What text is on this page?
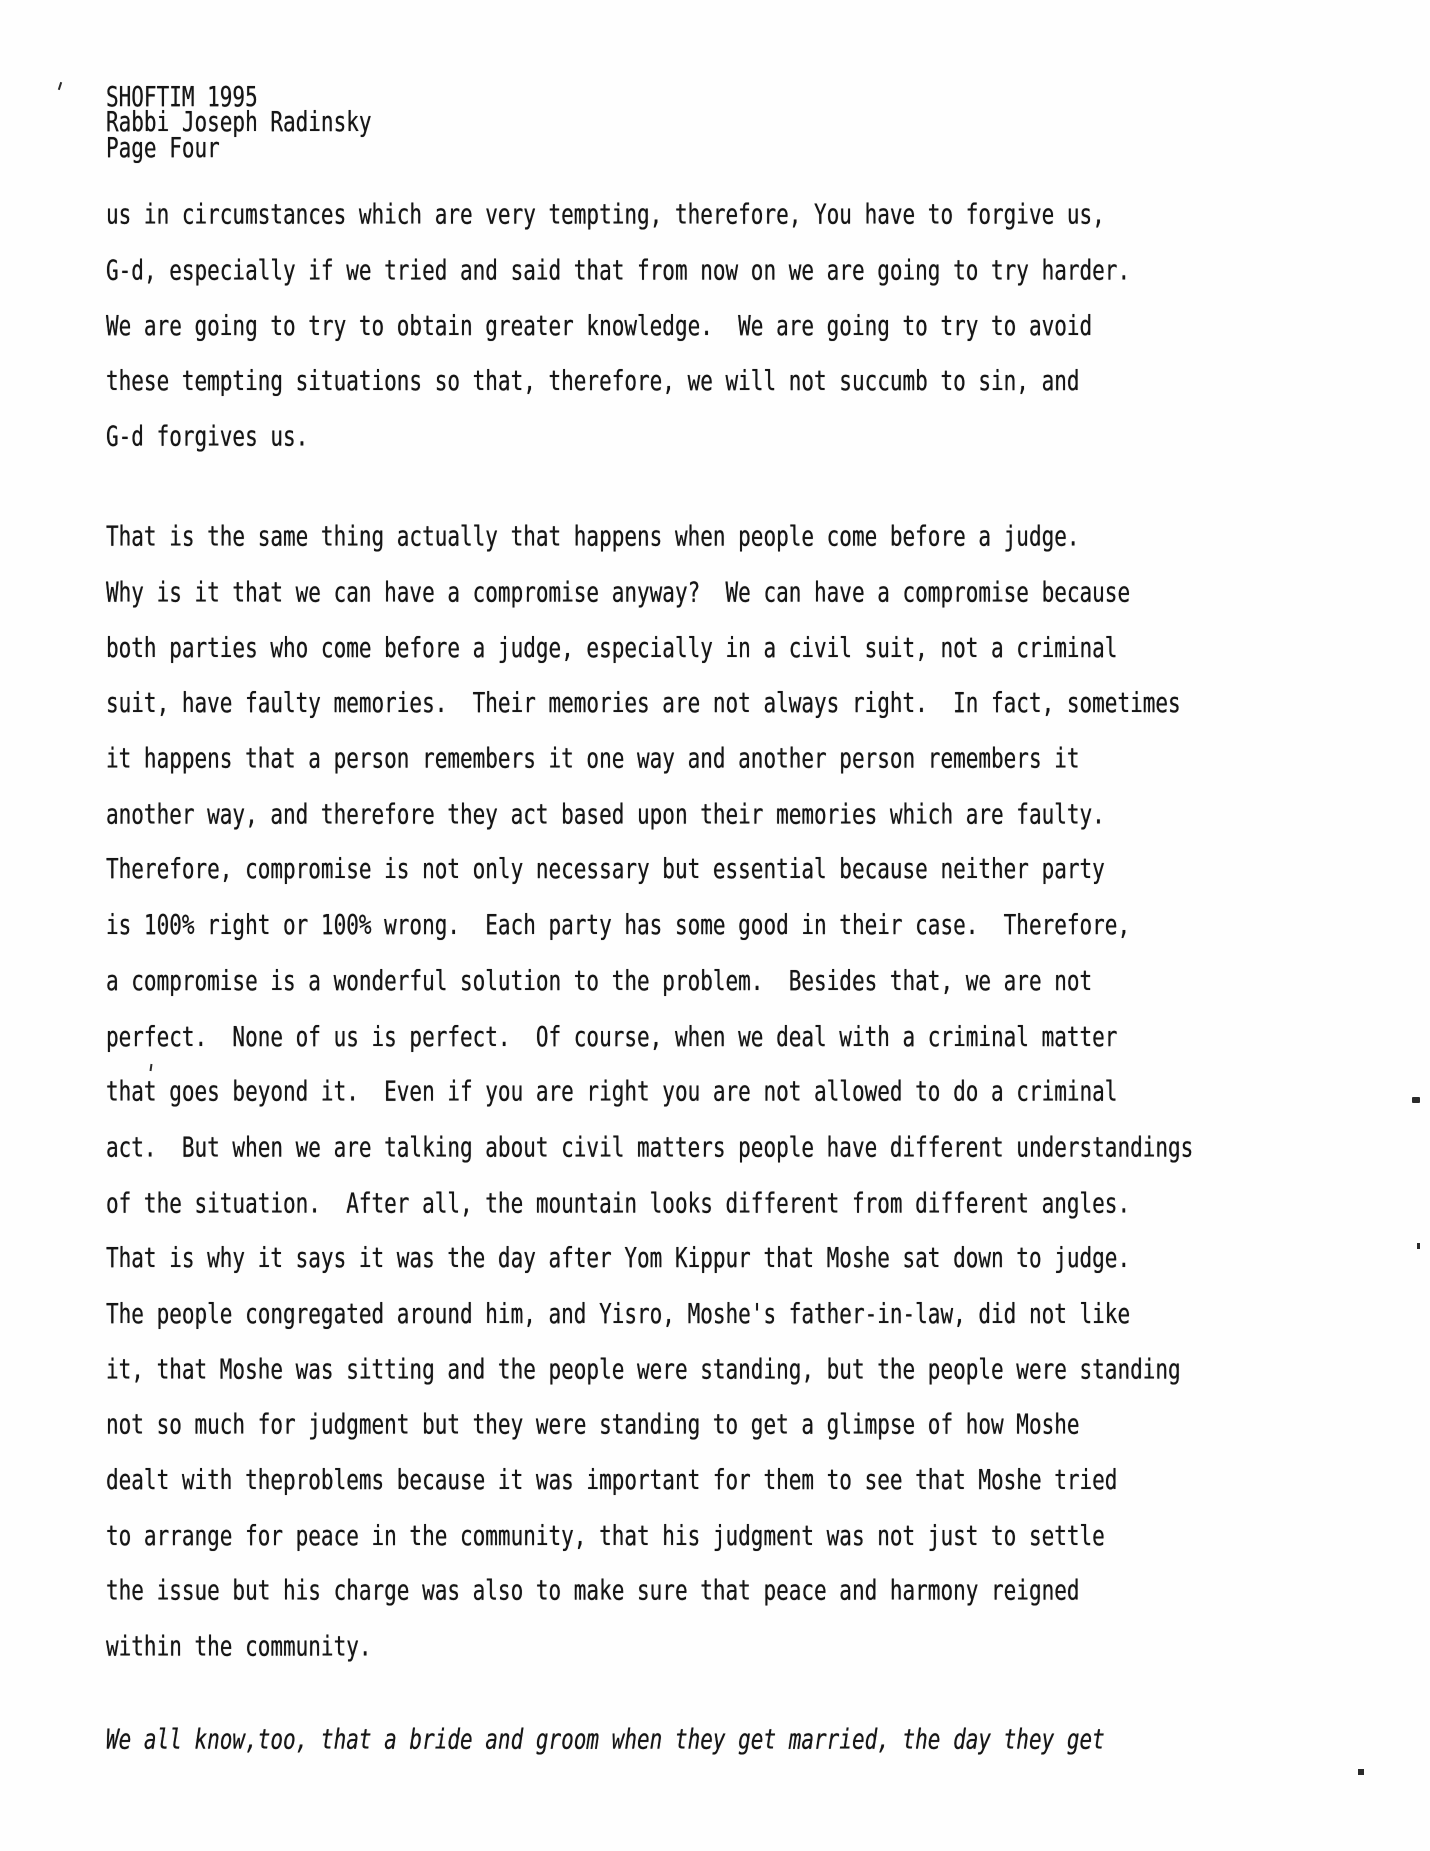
SHOFTIM 1995
Rabbi Joseph Radinsky
Page Four
us in circumstances which are very tempting, therefore, You have to forgive us,
G-d, especially if we tried and said that from now on we are going to try harder.
We are going to try to obtain greater knowledge.  We are going to try to avoid
these tempting situations so that, therefore, we will not succumb to sin, and
G-d forgives us.
That is the same thing actually that happens when people come before a judge.
Why is it that we can have a compromise anyway?  We can have a compromise because
both parties who come before a judge, especially in a civil suit, not a criminal
suit, have faulty memories.  Their memories are not always right.  In fact, sometimes
it happens that a person remembers it one way and another person remembers it
another way, and therefore they act based upon their memories which are faulty.
Therefore, compromise is not only necessary but essential because neither party
is 100% right or 100% wrong.  Each party has some good in their case.  Therefore,
a compromise is a wonderful solution to the problem.  Besides that, we are not
perfect.  None of us is perfect.  Of course, when we deal with a criminal matter
that goes beyond it.  Even if you are right you are not allowed to do a criminal
act.  But when we are talking about civil matters people have different understandings
of the situation.  After all, the mountain looks different from different angles.
That is why it says it was the day after Yom Kippur that Moshe sat down to judge.
The people congregated around him, and Yisro, Moshe's father-in-law, did not like
it, that Moshe was sitting and the people were standing, but the people were standing
not so much for judgment but they were standing to get a glimpse of how Moshe
dealt with theproblems because it was important for them to see that Moshe tried
to arrange for peace in the community, that his judgment was not just to settle
the issue but his charge was also to make sure that peace and harmony reigned
within the community.
We all know,too, that a bride and groom when they get married, the day they get
